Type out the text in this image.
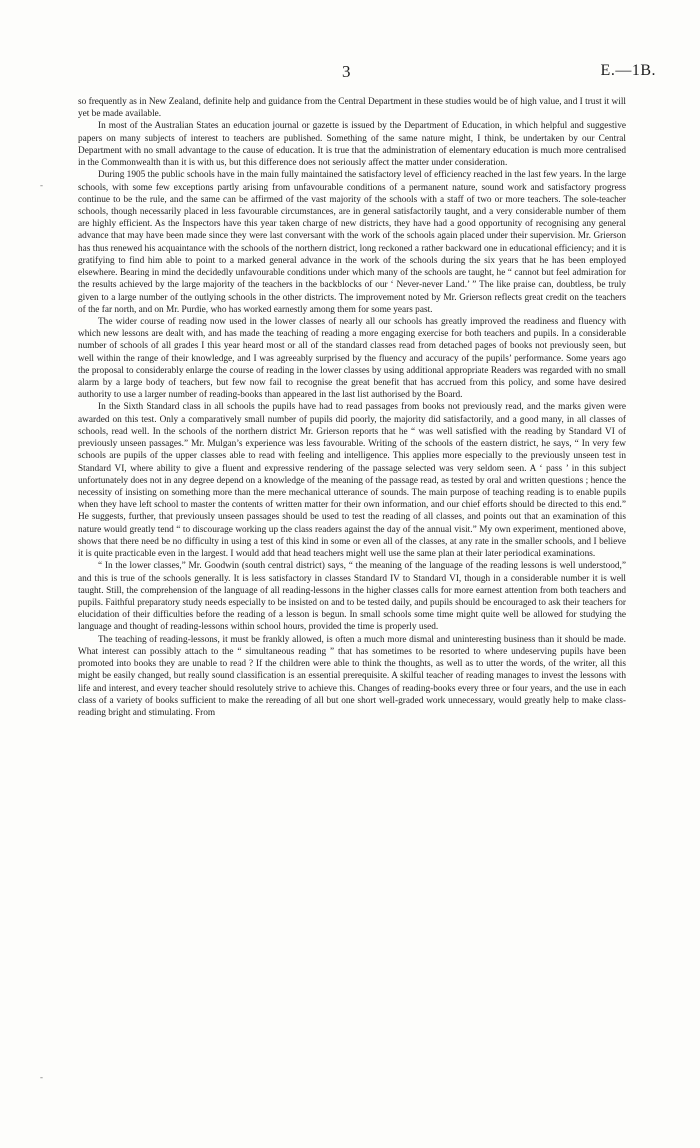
3	E.—1B.

so frequently as in New Zealand, definite help and guidance from the Central Department in these studies would be of high value, and I trust it will yet be made available.

In most of the Australian States an education journal or gazette is issued by the Department of Education, in which helpful and suggestive papers on many subjects of interest to teachers are published. Something of the same nature might, I think, be undertaken by our Central Department with no small advantage to the cause of education. It is true that the administration of elementary education is much more centralised in the Commonwealth than it is with us, but this difference does not seriously affect the matter under consideration.

During 1905 the public schools have in the main fully maintained the satisfactory level of efficiency reached in the last few years. In the large schools, with some few exceptions partly arising from unfavourable conditions of a permanent nature, sound work and satisfactory progress continue to be the rule, and the same can be affirmed of the vast majority of the schools with a staff of two or more teachers. The sole-teacher schools, though necessarily placed in less favourable circumstances, are in general satisfactorily taught, and a very considerable number of them are highly efficient. As the Inspectors have this year taken charge of new districts, they have had a good opportunity of recognising any general advance that may have been made since they were last conversant with the work of the schools again placed under their supervision. Mr. Grierson has thus renewed his acquaintance with the schools of the northern district, long reckoned a rather backward one in educational efficiency; and it is gratifying to find him able to point to a marked general advance in the work of the schools during the six years that he has been employed elsewhere. Bearing in mind the decidedly unfavourable conditions under which many of the schools are taught, he “ cannot but feel admiration for the results achieved by the large majority of the teachers in the backblocks of our ‘ Never-never Land.’ ” The like praise can, doubtless, be truly given to a large number of the outlying schools in the other districts. The improvement noted by Mr. Grierson reflects great credit on the teachers of the far north, and on Mr. Purdie, who has worked earnestly among them for some years past.

The wider course of reading now used in the lower classes of nearly all our schools has greatly improved the readiness and fluency with which new lessons are dealt with, and has made the teaching of reading a more engaging exercise for both teachers and pupils. In a considerable number of schools of all grades I this year heard most or all of the standard classes read from detached pages of books not previously seen, but well within the range of their knowledge, and I was agreeably surprised by the fluency and accuracy of the pupils’ performance. Some years ago the proposal to considerably enlarge the course of reading in the lower classes by using additional appropriate Readers was regarded with no small alarm by a large body of teachers, but few now fail to recognise the great benefit that has accrued from this policy, and some have desired authority to use a larger number of reading-books than appeared in the last list authorised by the Board.

In the Sixth Standard class in all schools the pupils have had to read passages from books not previously read, and the marks given were awarded on this test. Only a comparatively small number of pupils did poorly, the majority did satisfactorily, and a good many, in all classes of schools, read well. In the schools of the northern district Mr. Grierson reports that he “ was well satisfied with the reading by Standard VI of previously unseen passages.” Mr. Mulgan’s experience was less favourable. Writing of the schools of the eastern district, he says, “ In very few schools are pupils of the upper classes able to read with feeling and intelligence. This applies more especially to the previously unseen test in Standard VI, where ability to give a fluent and expressive rendering of the passage selected was very seldom seen. A ‘ pass ’ in this subject unfortunately does not in any degree depend on a knowledge of the meaning of the passage read, as tested by oral and written questions ; hence the necessity of insisting on something more than the mere mechanical utterance of sounds. The main purpose of teaching reading is to enable pupils when they have left school to master the contents of written matter for their own information, and our chief efforts should be directed to this end.” He suggests, further, that previously unseen passages should be used to test the reading of all classes, and points out that an examination of this nature would greatly tend “ to discourage working up the class readers against the day of the annual visit.” My own experiment, mentioned above, shows that there need be no difficulty in using a test of this kind in some or even all of the classes, at any rate in the smaller schools, and I believe it is quite practicable even in the largest. I would add that head teachers might well use the same plan at their later periodical examinations.

“ In the lower classes,” Mr. Goodwin (south central district) says, “ the meaning of the language of the reading lessons is well understood,” and this is true of the schools generally. It is less satisfactory in classes Standard IV to Standard VI, though in a considerable number it is well taught. Still, the comprehension of the language of all reading-lessons in the higher classes calls for more earnest attention from both teachers and pupils. Faithful preparatory study needs especially to be insisted on and to be tested daily, and pupils should be encouraged to ask their teachers for elucidation of their difficulties before the reading of a lesson is begun. In small schools some time might quite well be allowed for studying the language and thought of reading-lessons within school hours, provided the time is properly used.

The teaching of reading-lessons, it must be frankly allowed, is often a much more dismal and uninteresting business than it should be made. What interest can possibly attach to the “ simultaneous reading ” that has sometimes to be resorted to where undeserving pupils have been promoted into books they are unable to read ? If the children were able to think the thoughts, as well as to utter the words, of the writer, all this might be easily changed, but really sound classification is an essential prerequisite. A skilful teacher of reading manages to invest the lessons with life and interest, and every teacher should resolutely strive to achieve this. Changes of reading-books every three or four years, and the use in each class of a variety of books sufficient to make the rereading of all but one short well-graded work unnecessary, would greatly help to make class-reading bright and stimulating. From

-
-
